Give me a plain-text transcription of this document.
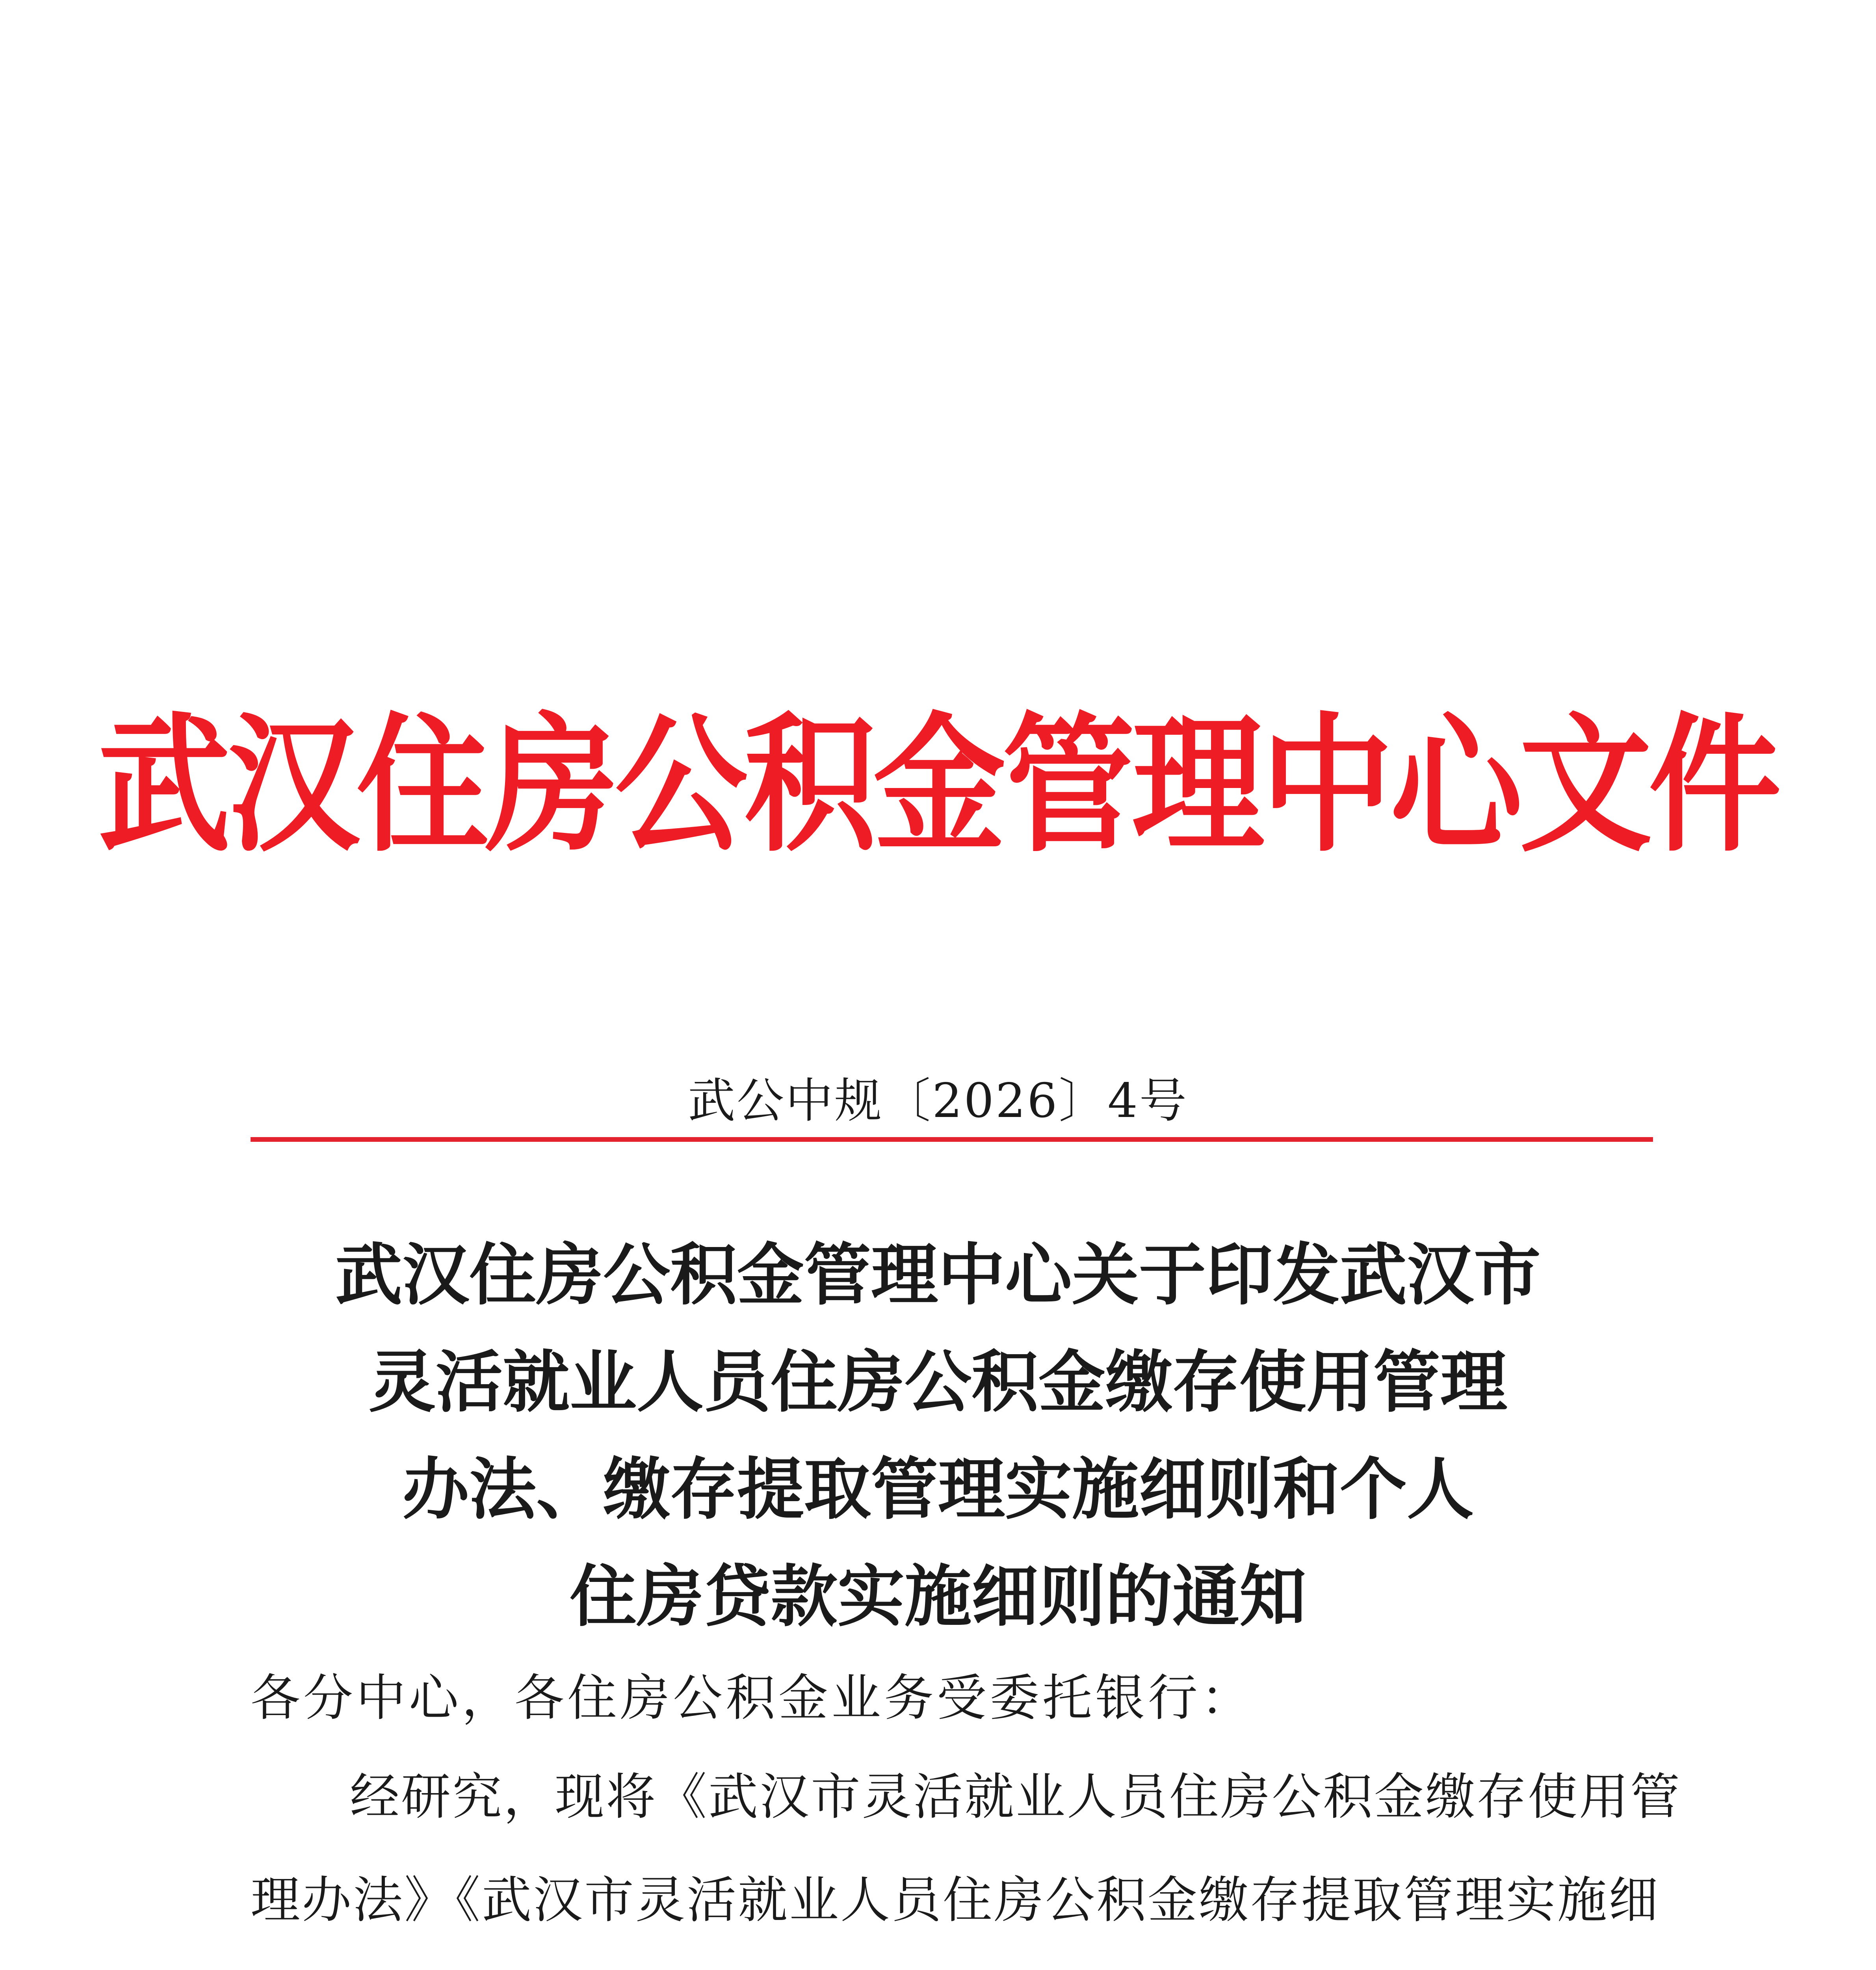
武汉住房公积金管理中心文件
武公中规〔2026〕4号
武汉住房公积金管理中心关于印发武汉市
灵活就业人员住房公积金缴存使用管理
办法、缴存提取管理实施细则和个人
住房贷款实施细则的通知
各分中心，各住房公积金业务受委托银行：
经研究，现将《武汉市灵活就业人员住房公积金缴存使用管
理办法》《武汉市灵活就业人员住房公积金缴存提取管理实施细
